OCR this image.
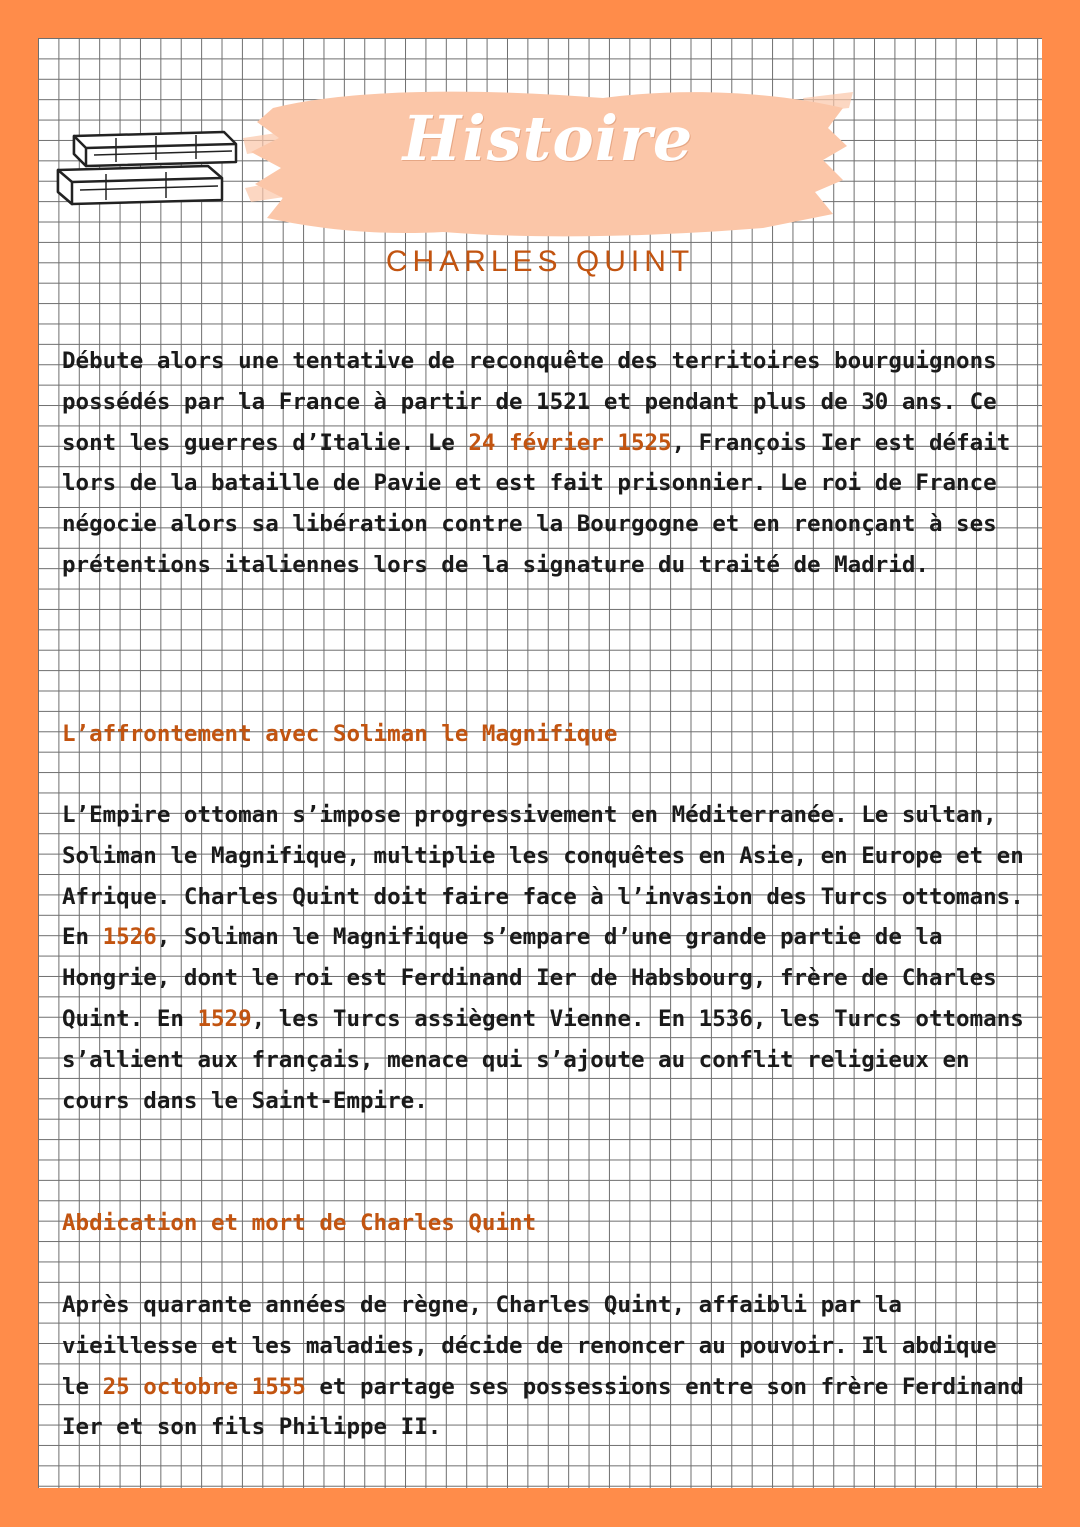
Histoire
CHARLES QUINT

Débute alors une tentative de reconquête des territoires bourguignons possédés par la France à partir de 1521 et pendant plus de 30 ans. Ce sont les guerres d’Italie. Le 24 février 1525, François Ier est défait lors de la bataille de Pavie et est fait prisonnier. Le roi de France négocie alors sa libération contre la Bourgogne et en renonçant à ses prétentions italiennes lors de la signature du traité de Madrid.

L’affrontement avec Soliman le Magnifique

L’Empire ottoman s’impose progressivement en Méditerranée. Le sultan, Soliman le Magnifique, multiplie les conquêtes en Asie, en Europe et en Afrique. Charles Quint doit faire face à l’invasion des Turcs ottomans. En 1526, Soliman le Magnifique s’empare d’une grande partie de la Hongrie, dont le roi est Ferdinand Ier de Habsbourg, frère de Charles Quint. En 1529, les Turcs assiègent Vienne. En 1536, les Turcs ottomans s’allient aux français, menace qui s’ajoute au conflit religieux en cours dans le Saint-Empire.

Abdication et mort de Charles Quint

Après quarante années de règne, Charles Quint, affaibli par la vieillesse et les maladies, décide de renoncer au pouvoir. Il abdique le 25 octobre 1555 et partage ses possessions entre son frère Ferdinand Ier et son fils Philippe II.
